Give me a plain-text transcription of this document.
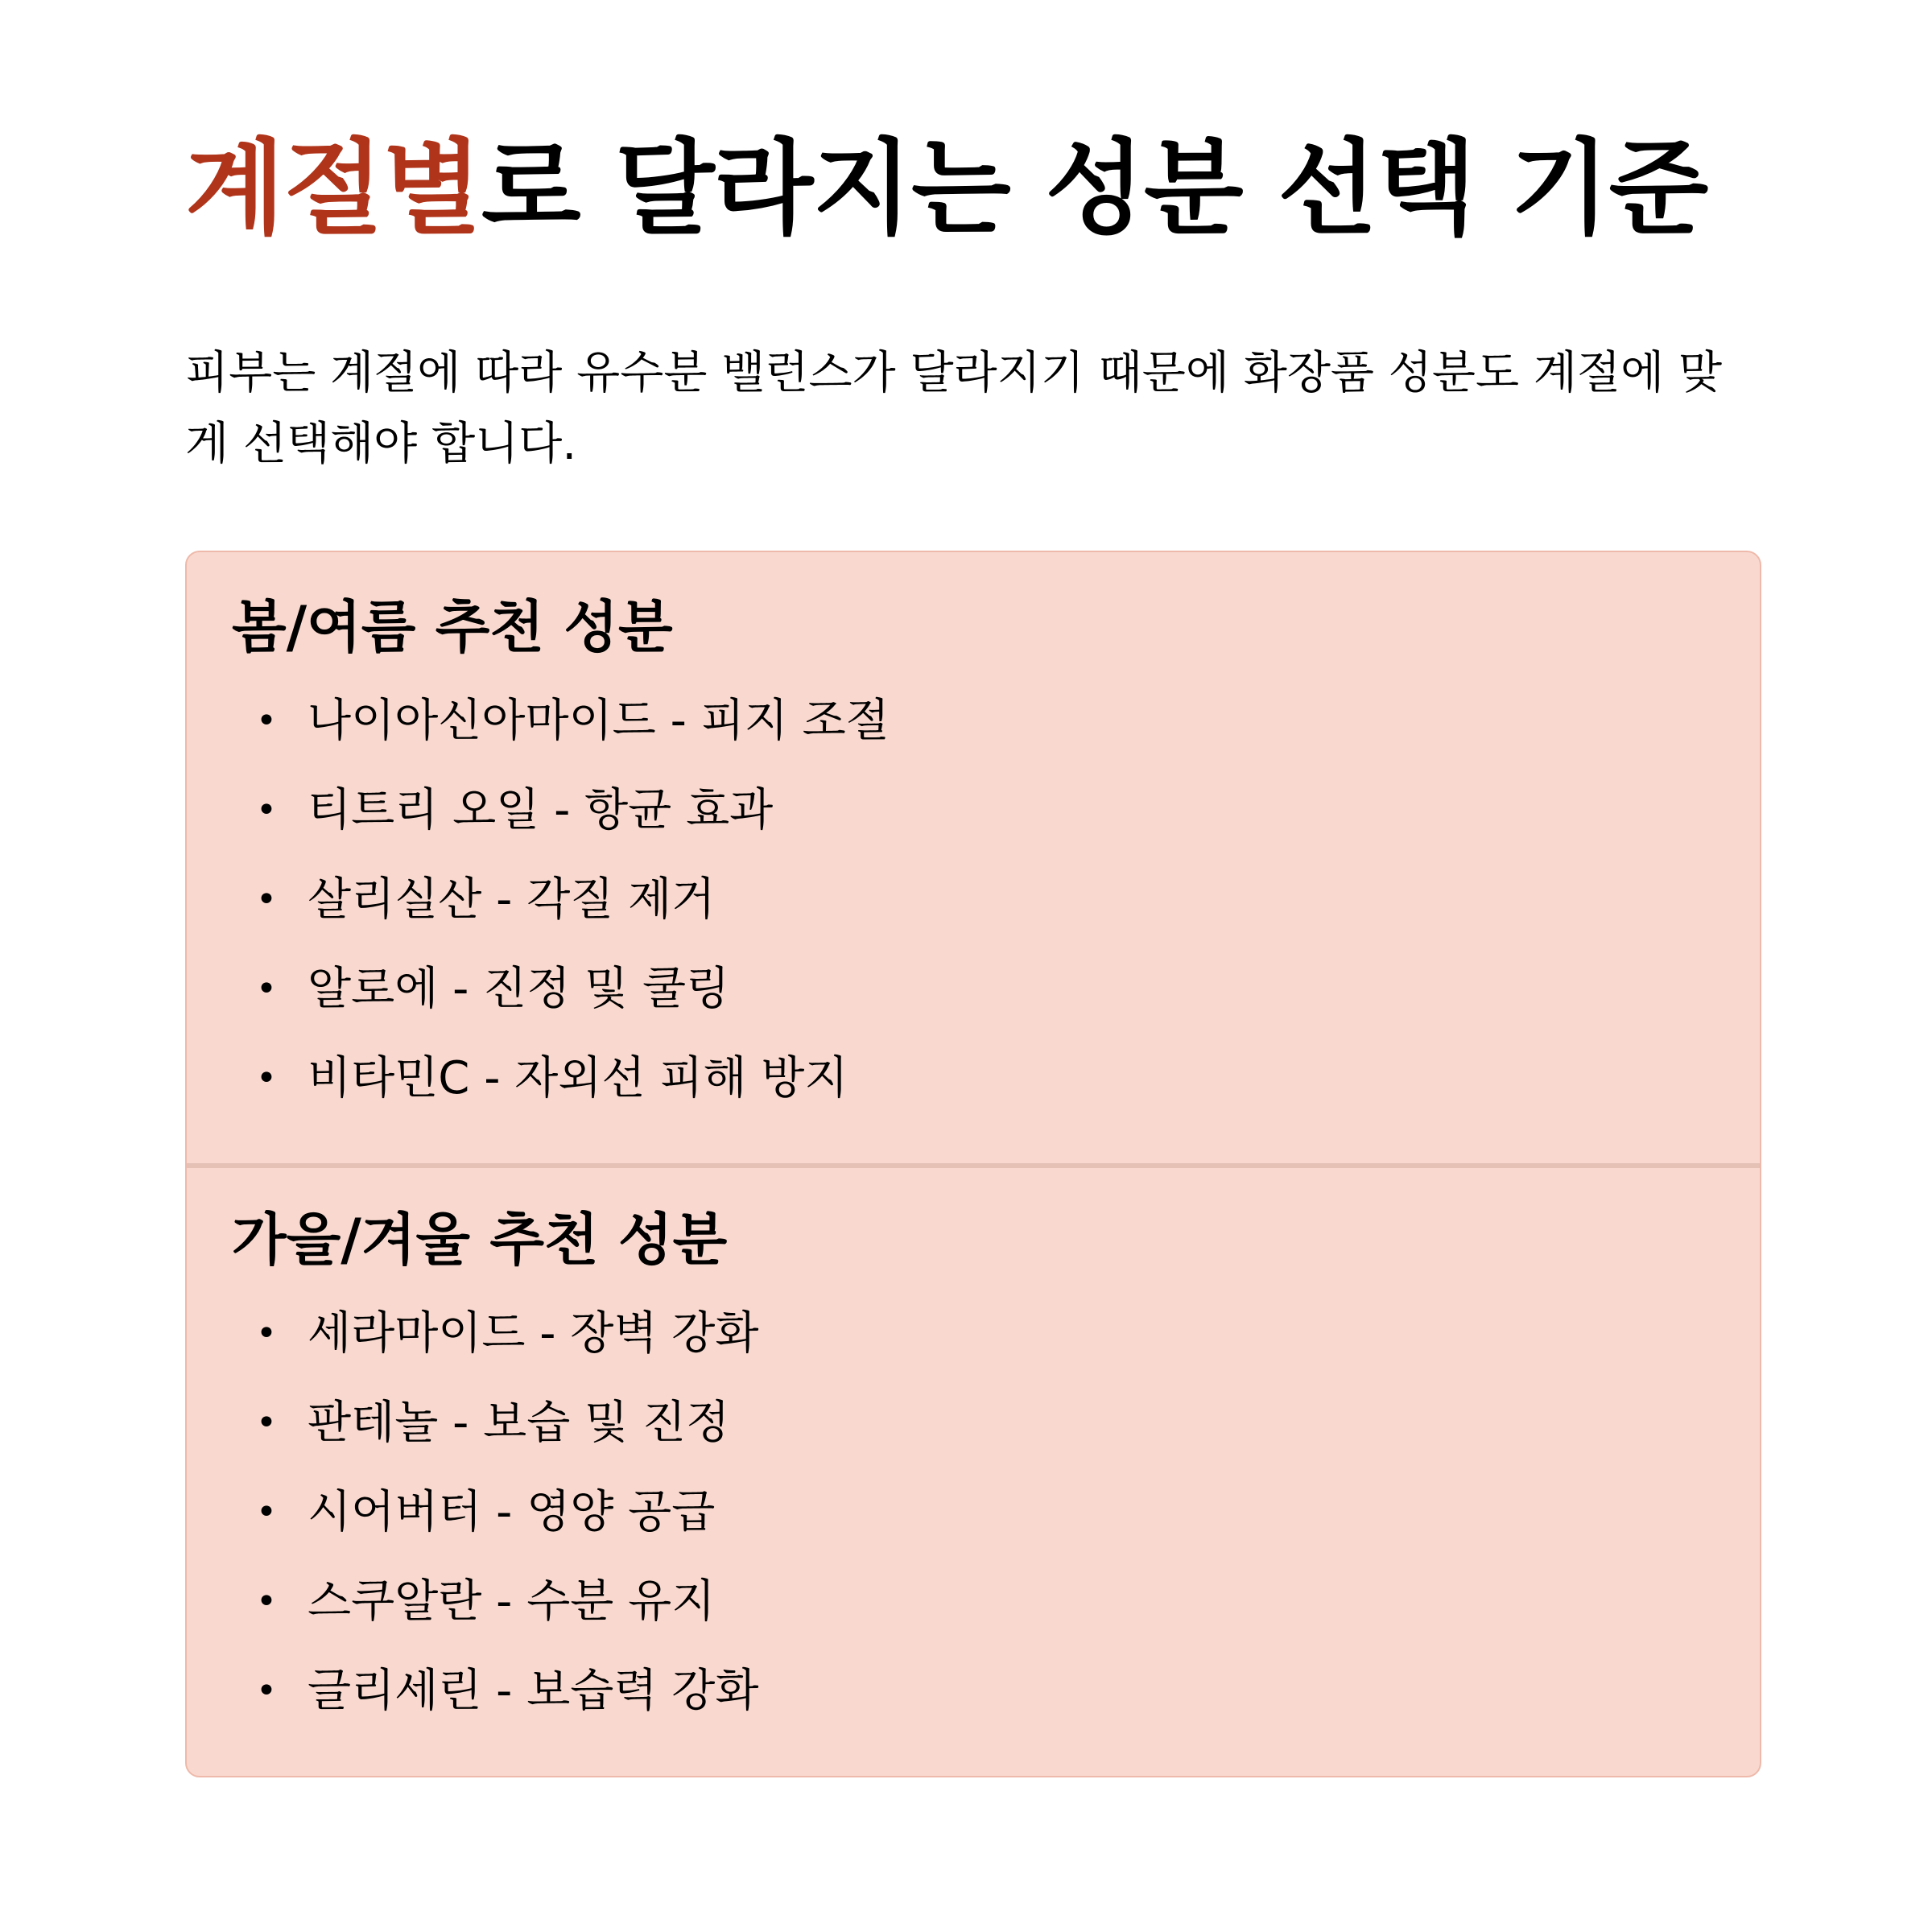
계절별로 달라지는 성분 선택 기준

피부는 계절에 따라 유수분 밸런스가 달라지기 때문에 화장품 성분도 계절에 맞게 선택해야 합니다.

봄/여름 추천 성분
• 나이아신아마이드 - 피지 조절
• 티트리 오일 - 항균 효과
• 살리실산 - 각질 제거
• 알로에 - 진정 및 쿨링
• 비타민C - 자외선 피해 방지
가을/겨울 추천 성분
• 세라마이드 - 장벽 강화
• 판테놀 - 보습 및 진정
• 시어버터 - 영양 공급
• 스쿠알란 - 수분 유지
• 글리세린 - 보습력 강화
